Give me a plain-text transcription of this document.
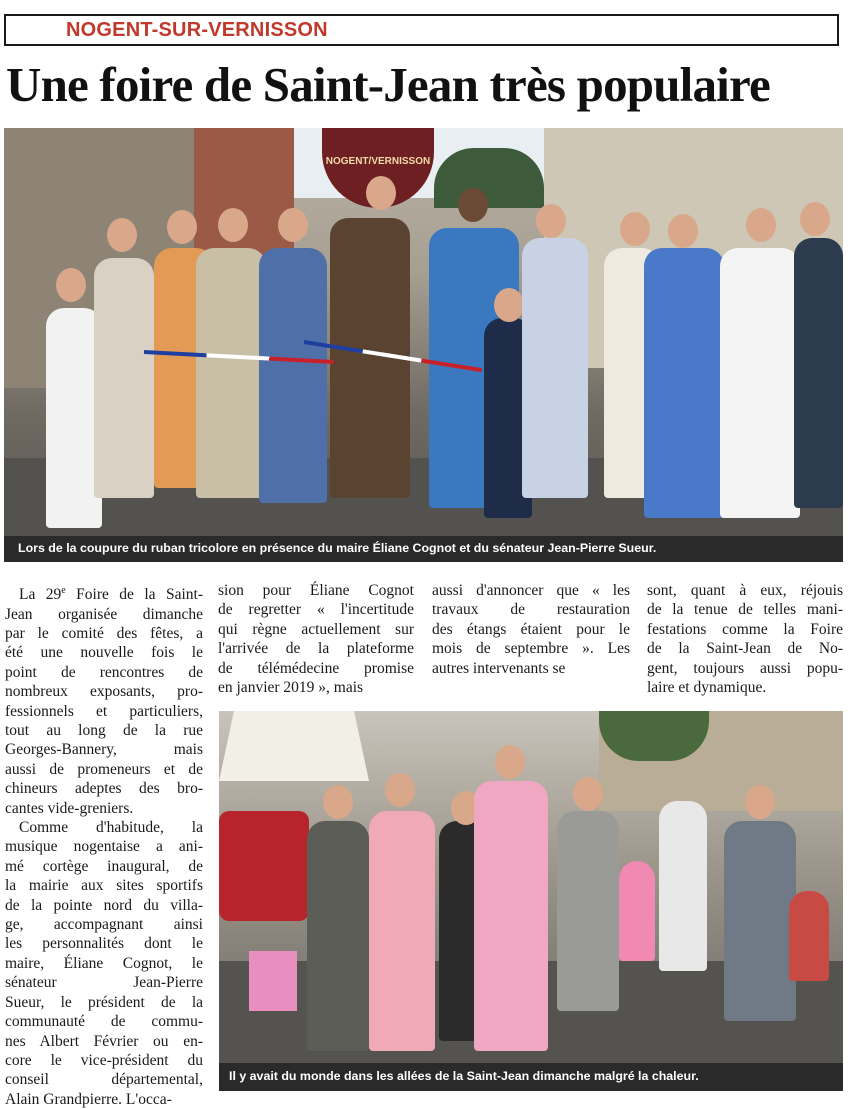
NOGENT-SUR-VERNISSON
Une foire de Saint-Jean très populaire
NOGENT/VERNISSON
Lors de la coupure du ruban tricolore en présence du maire Éliane Cognot et du sénateur Jean-Pierre Sueur.
La 29e Foire de la Saint-
Jean organisée dimanche
par le comité des fêtes, a
été une nouvelle fois le
point de rencontres de
nombreux exposants, pro-
fessionnels et particuliers,
tout au long de la rue
Georges-Bannery, mais
aussi de promeneurs et de
chineurs adeptes des bro-
cantes vide-greniers.
Comme d'habitude, la
musique nogentaise a ani-
mé cortège inaugural, de
la mairie aux sites sportifs
de la pointe nord du villa-
ge, accompagnant ainsi
les personnalités dont le
maire, Éliane Cognot, le
sénateur Jean-Pierre
Sueur, le président de la
communauté de commu-
nes Albert Février ou en-
core le vice-président du
conseil départemental,
Alain Grandpierre. L'occa-
sion pour Éliane Cognot
de regretter « l'incertitude
qui règne actuellement sur
l'arrivée de la plateforme
de télémédecine promise
en janvier 2019 », mais
aussi d'annoncer que « les
travaux de restauration
des étangs étaient pour le
mois de septembre ». Les
autres intervenants se
sont, quant à eux, réjouis
de la tenue de telles mani-
festations comme la Foire
de la Saint-Jean de No-
gent, toujours aussi popu-
laire et dynamique.
Il y avait du monde dans les allées de la Saint-Jean dimanche malgré la chaleur.
